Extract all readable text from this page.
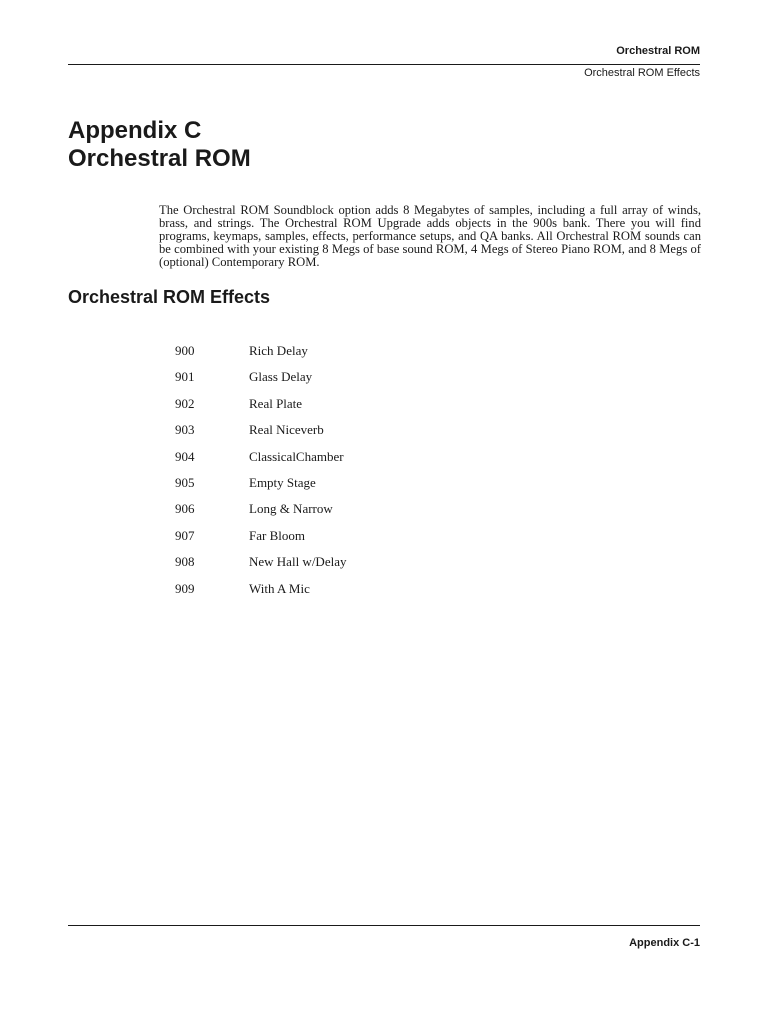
Orchestral ROM
Orchestral ROM Effects
Appendix C
Orchestral ROM

The Orchestral ROM Soundblock option adds 8 Megabytes of samples, including a full array of winds, brass, and strings. The Orchestral ROM Upgrade adds objects in the 900s bank. There you will find programs, keymaps, samples, effects, performance setups, and QA banks. All Orchestral ROM sounds can be combined with your existing 8 Megs of base sound ROM, 4 Megs of Stereo Piano ROM, and 8 Megs of (optional) Contemporary ROM.

Orchestral ROM Effects
900	Rich Delay
901	Glass Delay
902	Real Plate
903	Real Niceverb
904	ClassicalChamber
905	Empty Stage
906	Long & Narrow
907	Far Bloom
908	New Hall w/Delay
909	With A Mic
Appendix C-1
